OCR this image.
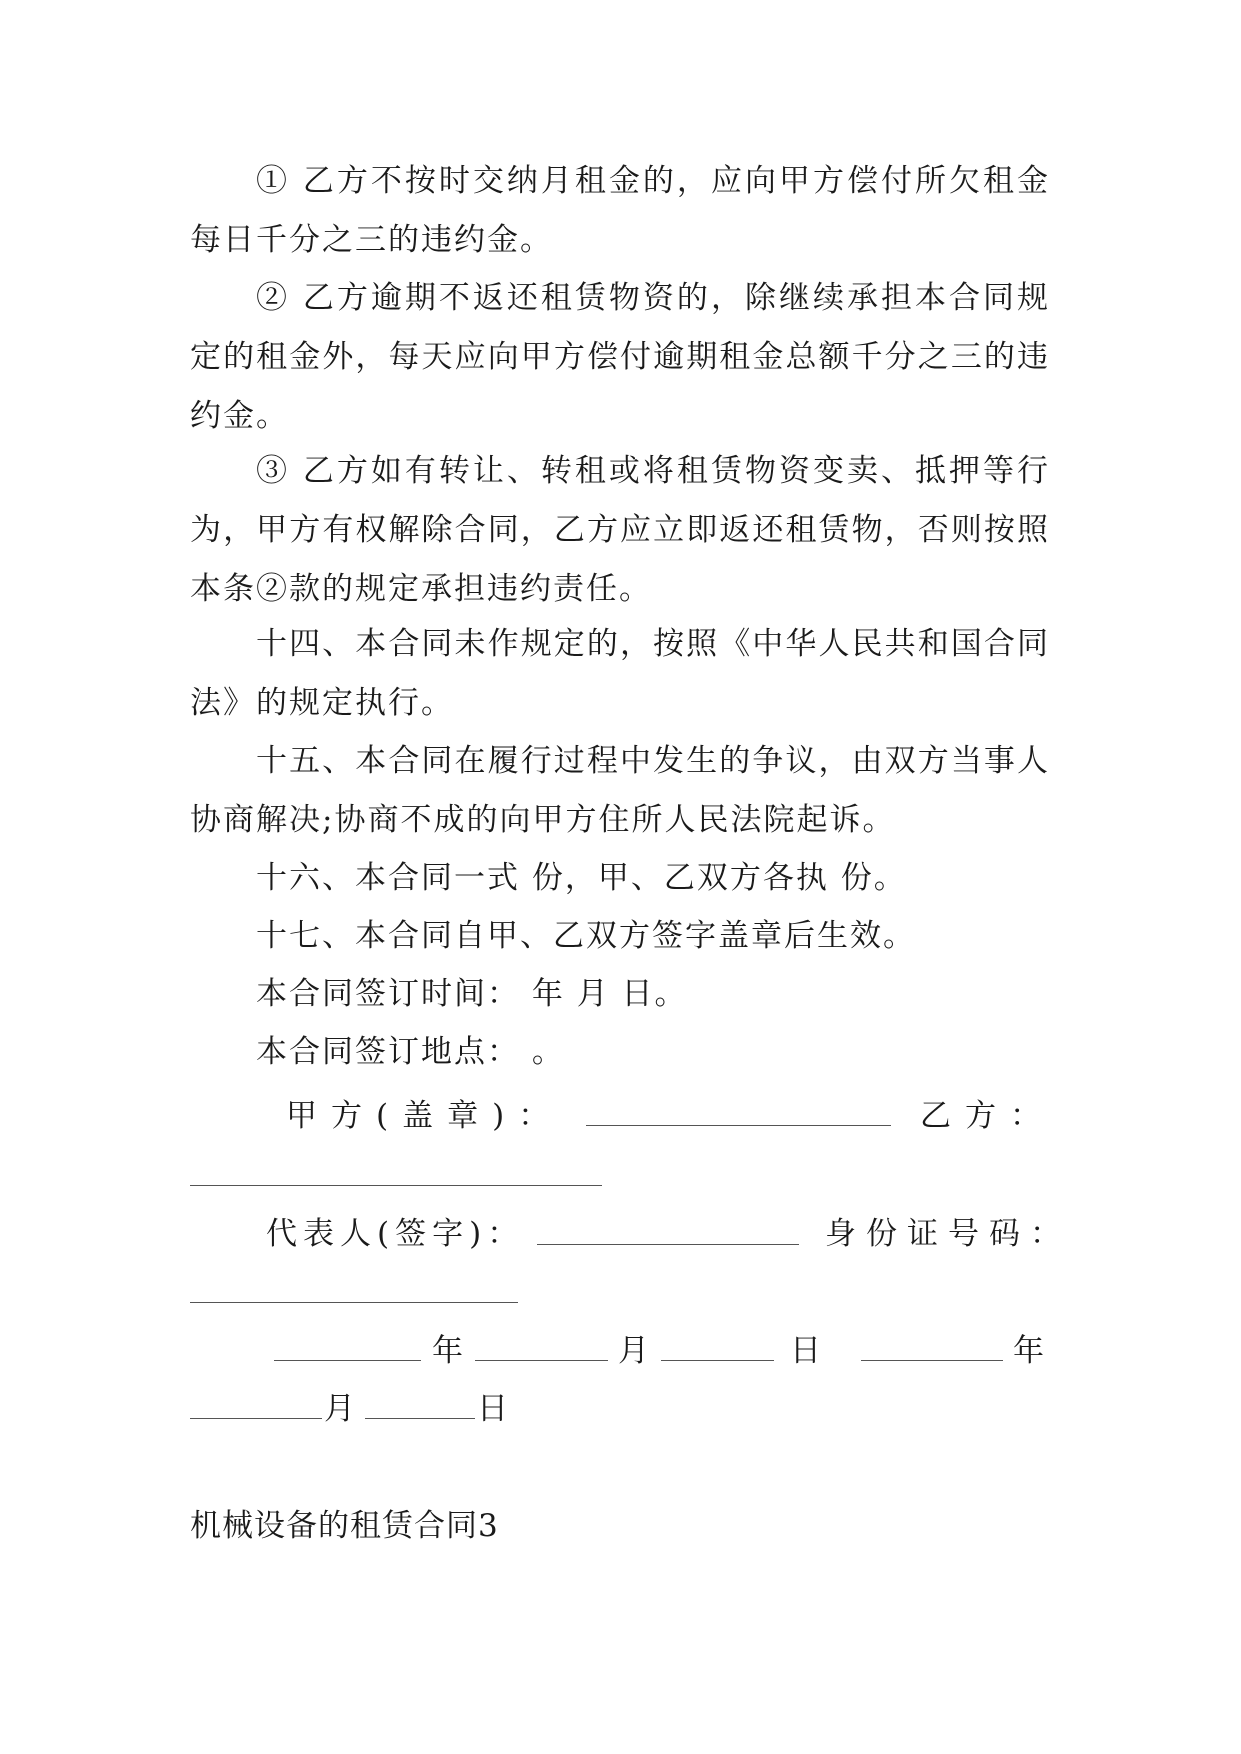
① 乙方不按时交纳月租金的，应向甲方偿付所欠租金每日千分之三的违约金。

② 乙方逾期不返还租赁物资的，除继续承担本合同规定的租金外，每天应向甲方偿付逾期租金总额千分之三的违约金。

③ 乙方如有转让、转租或将租赁物资变卖、抵押等行为，甲方有权解除合同，乙方应立即返还租赁物，否则按照本条②款的规定承担违约责任。

十四、本合同未作规定的，按照《中华人民共和国合同法》的规定执行。

十五、本合同在履行过程中发生的争议，由双方当事人协商解决;协商不成的向甲方住所人民法院起诉。

十六、本合同一式 份，甲、乙双方各执 份。

十七、本合同自甲、乙双方签字盖章后生效。

本合同签订时间： 年 月 日。

本合同签订地点： 。

甲方(盖章)：	乙方：
代表人(签字)：	身份证号码：
年	月	日	年
月	日
机械设备的租赁合同3
